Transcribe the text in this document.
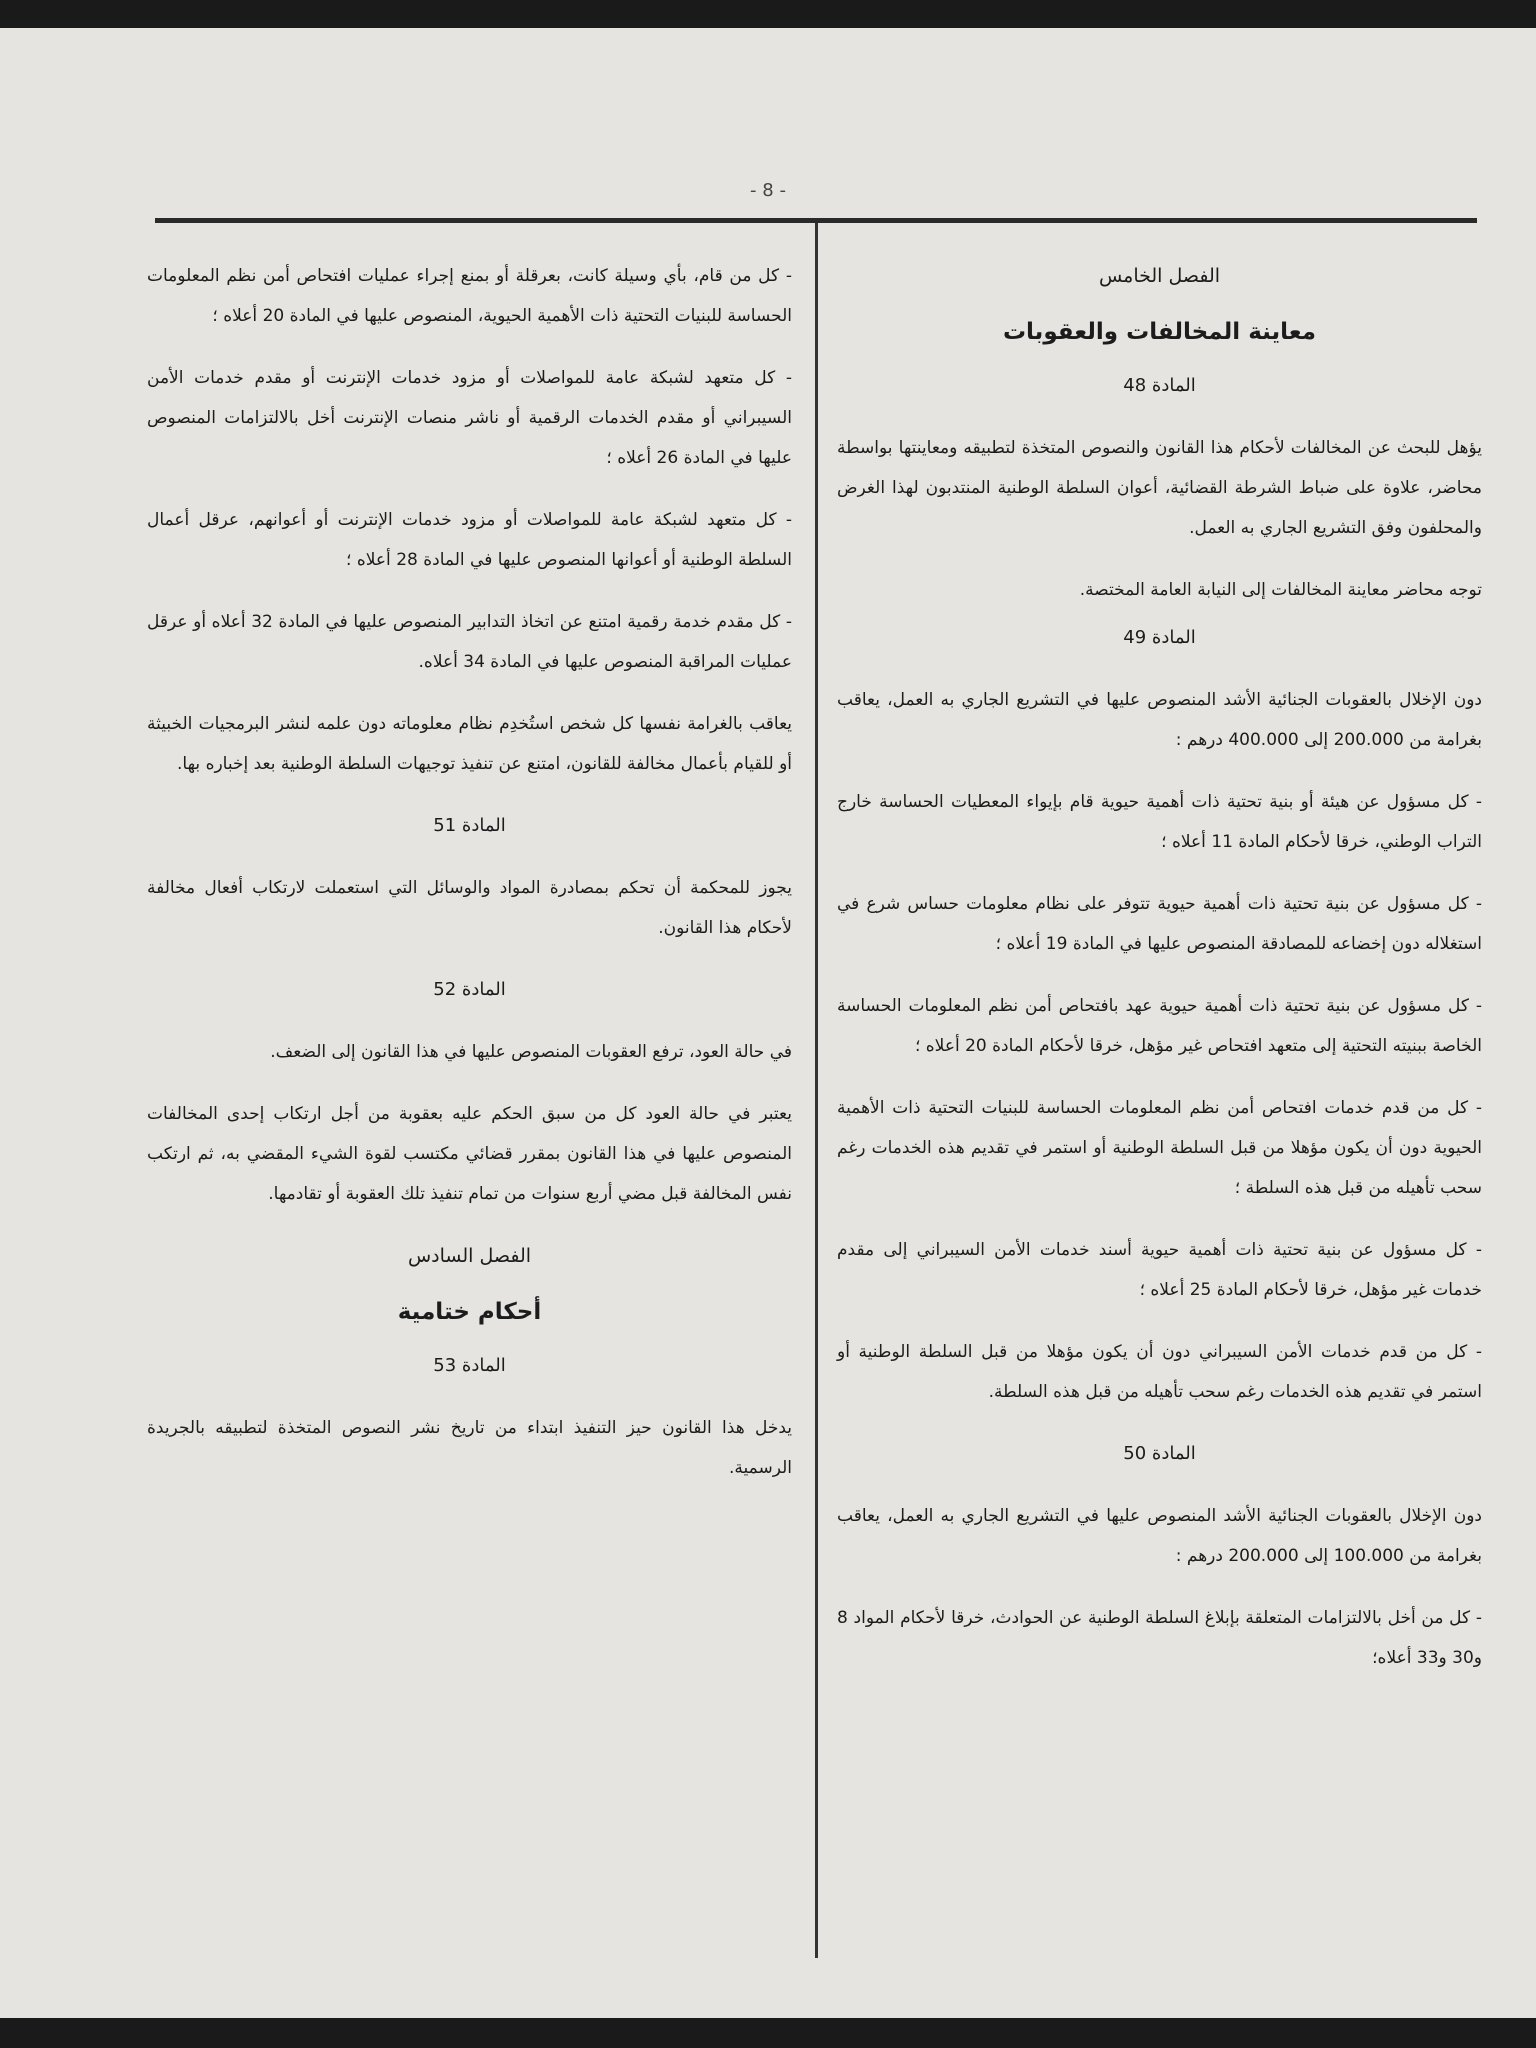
- 8 -
الفصل الخامس
معاينة المخالفات والعقوبات
المادة 48

يؤهل للبحث عن المخالفات لأحكام هذا القانون والنصوص المتخذة لتطبيقه ومعاينتها بواسطة محاضر، علاوة على ضباط الشرطة القضائية، أعوان السلطة الوطنية المنتدبون لهذا الغرض والمحلفون وفق التشريع الجاري به العمل.

توجه محاضر معاينة المخالفات إلى النيابة العامة المختصة.

المادة 49

دون الإخلال بالعقوبات الجنائية الأشد المنصوص عليها في التشريع الجاري به العمل، يعاقب بغرامة من 200.000 إلى 400.000 درهم :

- كل مسؤول عن هيئة أو بنية تحتية ذات أهمية حيوية قام بإيواء المعطيات الحساسة خارج التراب الوطني، خرقا لأحكام المادة 11 أعلاه ؛

- كل مسؤول عن بنية تحتية ذات أهمية حيوية تتوفر على نظام معلومات حساس شرع في استغلاله دون إخضاعه للمصادقة المنصوص عليها في المادة 19 أعلاه ؛

- كل مسؤول عن بنية تحتية ذات أهمية حيوية عهد بافتحاص أمن نظم المعلومات الحساسة الخاصة ببنيته التحتية إلى متعهد افتحاص غير مؤهل، خرقا لأحكام المادة 20 أعلاه ؛

- كل من قدم خدمات افتحاص أمن نظم المعلومات الحساسة للبنيات التحتية ذات الأهمية الحيوية دون أن يكون مؤهلا من قبل السلطة الوطنية أو استمر في تقديم هذه الخدمات رغم سحب تأهيله من قبل هذه السلطة ؛

- كل مسؤول عن بنية تحتية ذات أهمية حيوية أسند خدمات الأمن السيبراني إلى مقدم خدمات غير مؤهل، خرقا لأحكام المادة 25 أعلاه ؛

- كل من قدم خدمات الأمن السيبراني دون أن يكون مؤهلا من قبل السلطة الوطنية أو استمر في تقديم هذه الخدمات رغم سحب تأهيله من قبل هذه السلطة.

المادة 50

دون الإخلال بالعقوبات الجنائية الأشد المنصوص عليها في التشريع الجاري به العمل، يعاقب بغرامة من 100.000 إلى 200.000 درهم :

- كل من أخل بالالتزامات المتعلقة بإبلاغ السلطة الوطنية عن الحوادث، خرقا لأحكام المواد 8 و30 و33 أعلاه؛

- كل من قام، بأي وسيلة كانت، بعرقلة أو بمنع إجراء عمليات افتحاص أمن نظم المعلومات الحساسة للبنيات التحتية ذات الأهمية الحيوية، المنصوص عليها في المادة 20 أعلاه ؛

- كل متعهد لشبكة عامة للمواصلات أو مزود خدمات الإنترنت أو مقدم خدمات الأمن السيبراني أو مقدم الخدمات الرقمية أو ناشر منصات الإنترنت أخل بالالتزامات المنصوص عليها في المادة 26 أعلاه ؛

- كل متعهد لشبكة عامة للمواصلات أو مزود خدمات الإنترنت أو أعوانهم، عرقل أعمال السلطة الوطنية أو أعوانها المنصوص عليها في المادة 28 أعلاه ؛

- كل مقدم خدمة رقمية امتنع عن اتخاذ التدابير المنصوص عليها في المادة 32 أعلاه أو عرقل عمليات المراقبة المنصوص عليها في المادة 34 أعلاه.

يعاقب بالغرامة نفسها كل شخص استُخدِم نظام معلوماته دون علمه لنشر البرمجيات الخبيثة أو للقيام بأعمال مخالفة للقانون، امتنع عن تنفيذ توجيهات السلطة الوطنية بعد إخباره بها.

المادة 51

يجوز للمحكمة أن تحكم بمصادرة المواد والوسائل التي استعملت لارتكاب أفعال مخالفة لأحكام هذا القانون.

المادة 52

في حالة العود، ترفع العقوبات المنصوص عليها في هذا القانون إلى الضعف.

يعتبر في حالة العود كل من سبق الحكم عليه بعقوبة من أجل ارتكاب إحدى المخالفات المنصوص عليها في هذا القانون بمقرر قضائي مكتسب لقوة الشيء المقضي به، ثم ارتكب نفس المخالفة قبل مضي أربع سنوات من تمام تنفيذ تلك العقوبة أو تقادمها.

الفصل السادس
أحكام ختامية
المادة 53

يدخل هذا القانون حيز التنفيذ ابتداء من تاريخ نشر النصوص المتخذة لتطبيقه بالجريدة الرسمية.
